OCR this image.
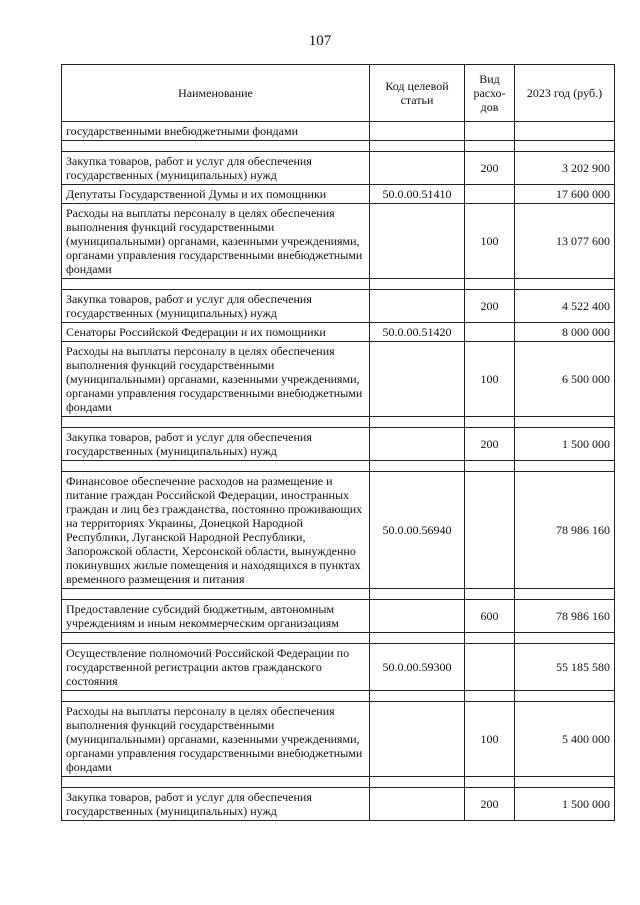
107
Наименование	Код целевой статьи	Вид расхо-дов	2023 год (руб.)
государственными внебюджетными фондами			

Закупка товаров, работ и услуг для обеспечения государственных (муниципальных) нужд		200	3 202 900
Депутаты Государственной Думы и их помощники	50.0.00.51410		17 600 000
Расходы на выплаты персоналу в целях обеспечения выполнения функций государственными (муниципальными) органами, казенными учреждениями, органами управления государственными внебюджетными фондами		100	13 077 600

Закупка товаров, работ и услуг для обеспечения государственных (муниципальных) нужд		200	4 522 400
Сенаторы Российской Федерации и их помощники	50.0.00.51420		8 000 000
Расходы на выплаты персоналу в целях обеспечения выполнения функций государственными (муниципальными) органами, казенными учреждениями, органами управления государственными внебюджетными фондами		100	6 500 000

Закупка товаров, работ и услуг для обеспечения государственных (муниципальных) нужд		200	1 500 000

Финансовое обеспечение расходов на размещение и питание граждан Российской Федерации, иностранных граждан и лиц без гражданства, постоянно проживающих на территориях Украины, Донецкой Народной Республики, Луганской Народной Республики, Запорожской области, Херсонской области, вынужденно покинувших жилые помещения и находящихся в пунктах временного размещения и питания	50.0.00.56940		78 986 160

Предоставление субсидий бюджетным, автономным учреждениям и иным некоммерческим организациям		600	78 986 160

Осуществление полномочий Российской Федерации по государственной регистрации актов гражданского состояния	50.0.00.59300		55 185 580

Расходы на выплаты персоналу в целях обеспечения выполнения функций государственными (муниципальными) органами, казенными учреждениями, органами управления государственными внебюджетными фондами		100	5 400 000

Закупка товаров, работ и услуг для обеспечения государственных (муниципальных) нужд		200	1 500 000
